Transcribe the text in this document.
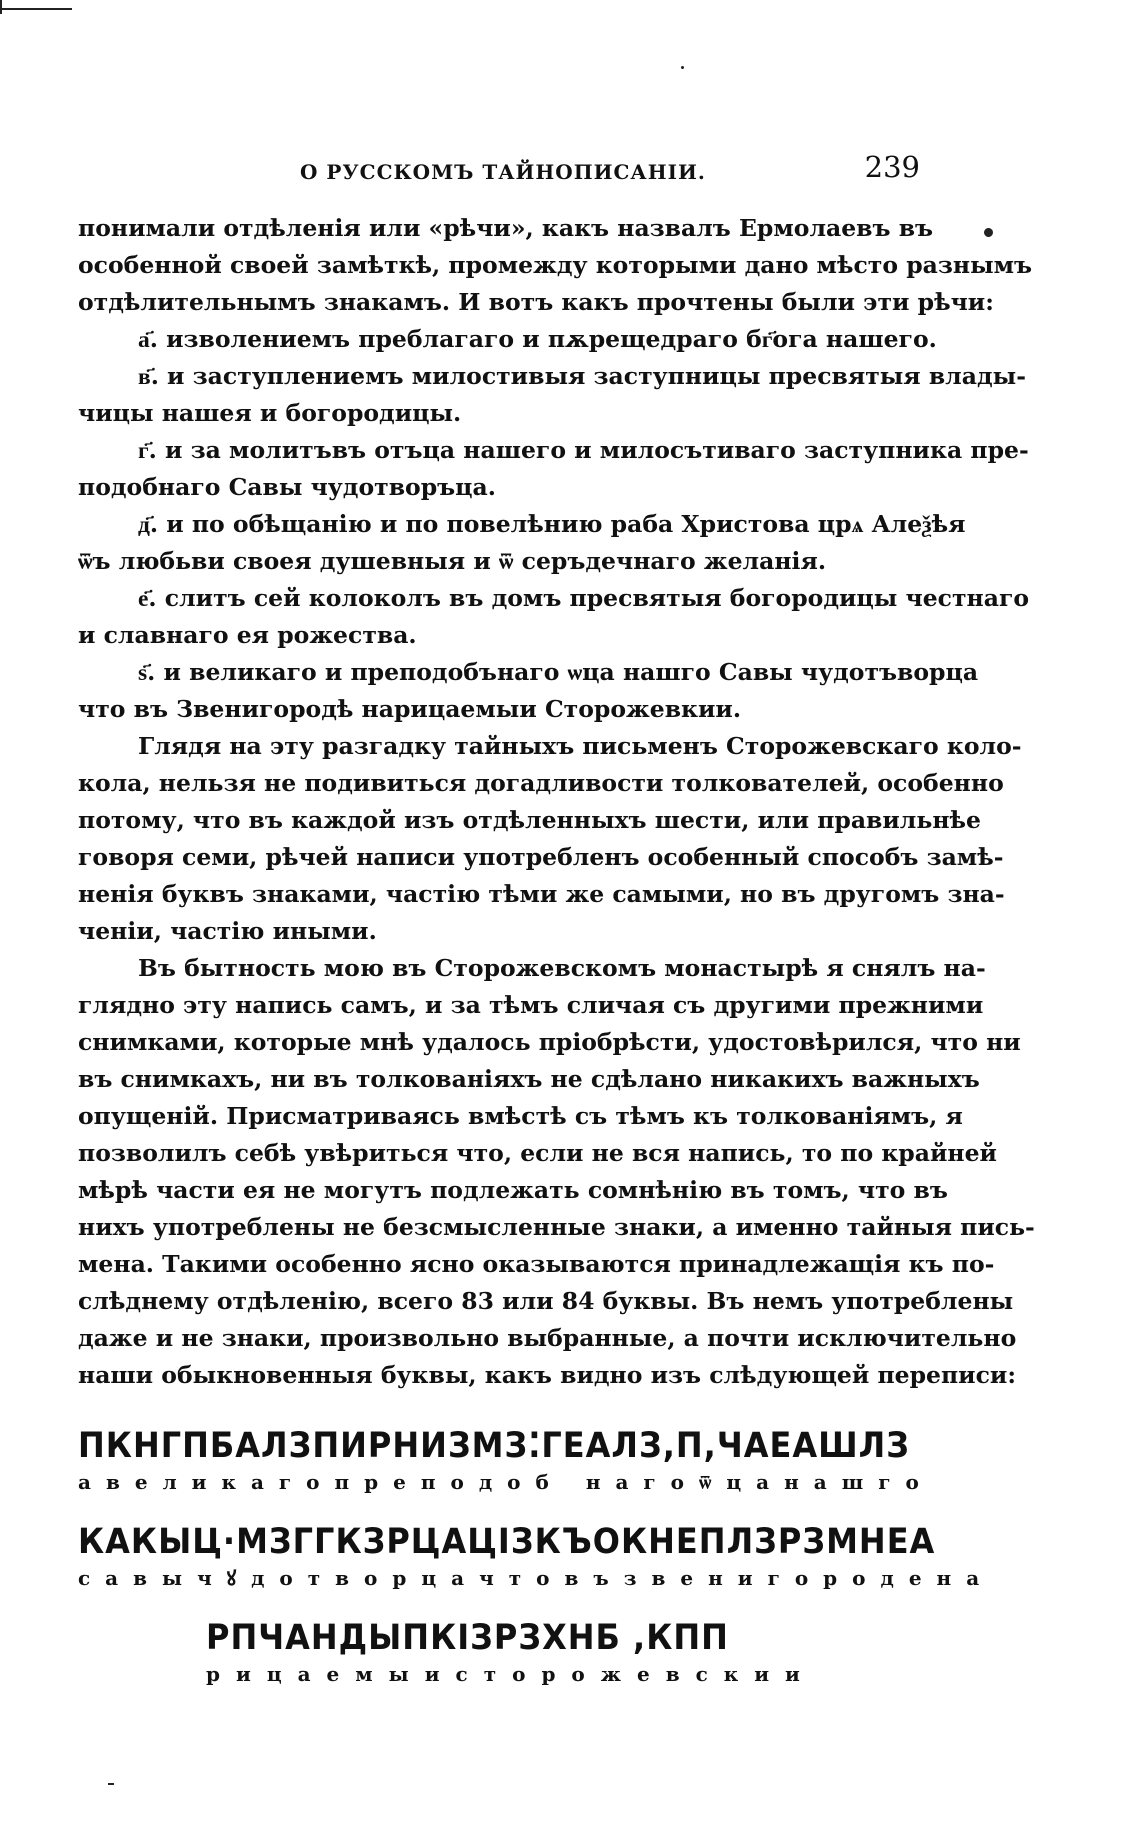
О РУССКОМЪ ТАЙНОПИСАНIИ.	239
понимали отдѣленія или «рѣчи», какъ назвалъ Ермолаевъ въ
особенной своей замѣткѣ, промежду которыми дано мѣсто разнымъ
отдѣлительнымъ знакамъ. И вотъ какъ прочтены были эти рѣчи:
а҃. изволениемъ преблагаго и пѫрещедраго бг҃ога нашего.
в҃. и заступлениемъ милостивыя заступницы пресвятыя влады-
чицы нашея и богородицы.
г҃. и за молитъвъ отъца нашего и милосътиваго заступника пре-
подобнаго Савы чудотворъца.
д҃. и по обѣщанiю и по повелѣнию раба Христова црѧ Алеѯѣя
ѿъ любьви своея душевныя и ѿ серъдечнаго желанiя.
е҃. слитъ сей колоколъ въ домъ пресвятыя богородицы честнаго
и славнаго ея рожества.
ѕ҃. и великаго и преподобънаго ѡца нашго Савы чудотъворца
что въ Звенигородѣ нарицаемыи Сторожевкии.
Глядя на эту разгадку тайныхъ письменъ Сторожевскаго коло-
кола, нельзя не подивиться догадливости толкователей, особенно
потому, что въ каждой изъ отдѣленныхъ шести, или правильнѣе
говоря семи, рѣчей написи употребленъ особенный способъ замѣ-
ненія буквъ знаками, частію тѣми же самыми, но въ другомъ зна-
ченіи, частію иными.
Въ бытность мою въ Сторожевскомъ монастырѣ я снялъ на-
глядно эту напись самъ, и за тѣмъ сличая съ другими прежними
снимками, которые мнѣ удалось пріобрѣсти, удостовѣрился, что ни
въ снимкахъ, ни въ толкованіяхъ не сдѣлано никакихъ важныхъ
опущеній. Присматриваясь вмѣстѣ съ тѣмъ къ толкованіямъ, я
позволилъ себѣ увѣриться что, если не вся напись, то по крайней
мѣрѣ части ея не могутъ подлежать сомнѣнію въ томъ, что въ
нихъ употреблены не безсмысленные знаки, а именно тайныя пись-
мена. Такими особенно ясно оказываются принадлежащія къ по-
слѣднему отдѣленію, всего 83 или 84 буквы. Въ немъ употреблены
даже и не знаки, произвольно выбранные, а почти исключительно
наши обыкновенныя буквы, какъ видно изъ слѣдующей переписи:
ПКНГПБАЛЗПИРНИЗМЗ⁚ГЕАЛЗ,П,ЧАЕАШЛЗ
авеликагопреподоб нагоѿцанашго
КАКЫЦ·МЗГГКЗРЦАЦІЗКЪОКНЕПЛЗРЗМНЕА
савычꙋдотворцачтовъзвенигородена
РПЧАНДЫПКІЗРЗХНБ ,КПП
рицаемыисторожевскии
